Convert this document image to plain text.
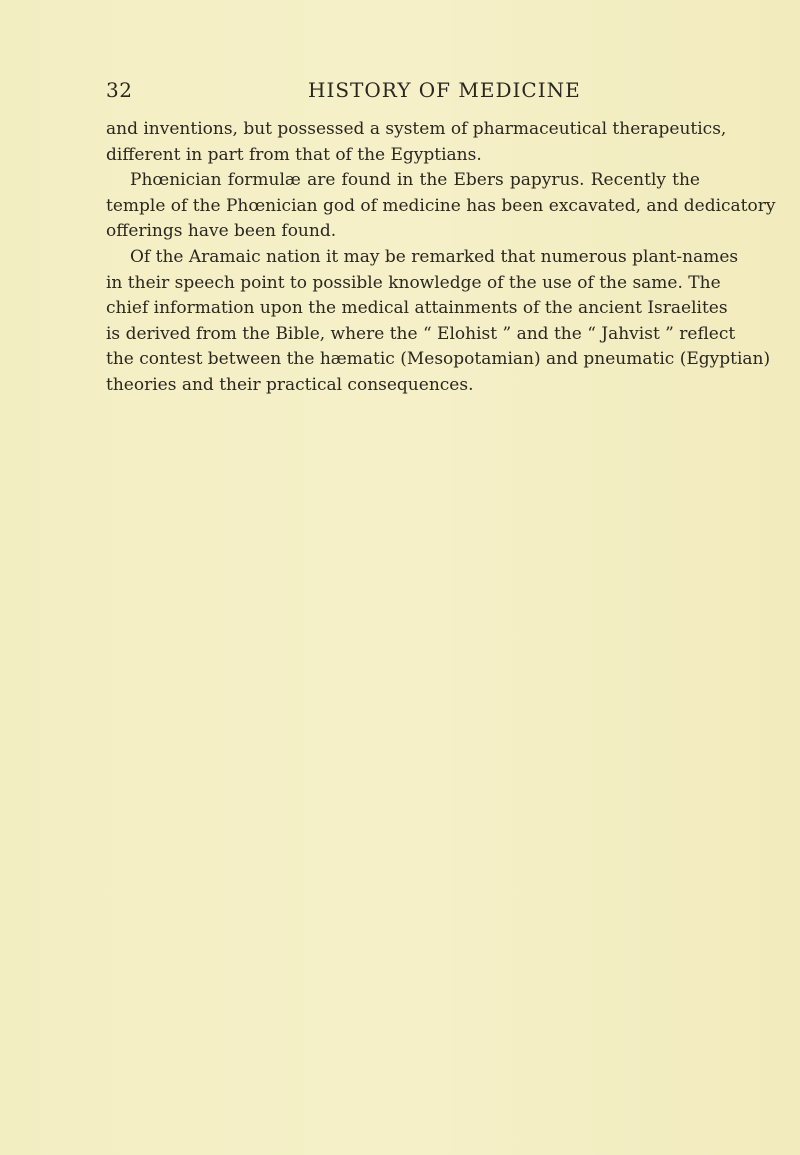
32	HISTORY OF MEDICINE
and inventions, but possessed a system of pharmaceutical therapeutics,
different in part from that of the Egyptians.
Phœnician formulæ are found in the Ebers papyrus. Recently the
temple of the Phœnician god of medicine has been excavated, and dedicatory
offerings have been found.
Of the Aramaic nation it may be remarked that numerous plant-names
in their speech point to possible knowledge of the use of the same. The
chief information upon the medical attainments of the ancient Israelites
is derived from the Bible, where the “ Elohist ” and the “ Jahvist ” reflect
the contest between the hæmatic (Mesopotamian) and pneumatic (Egyptian)
theories and their practical consequences.
